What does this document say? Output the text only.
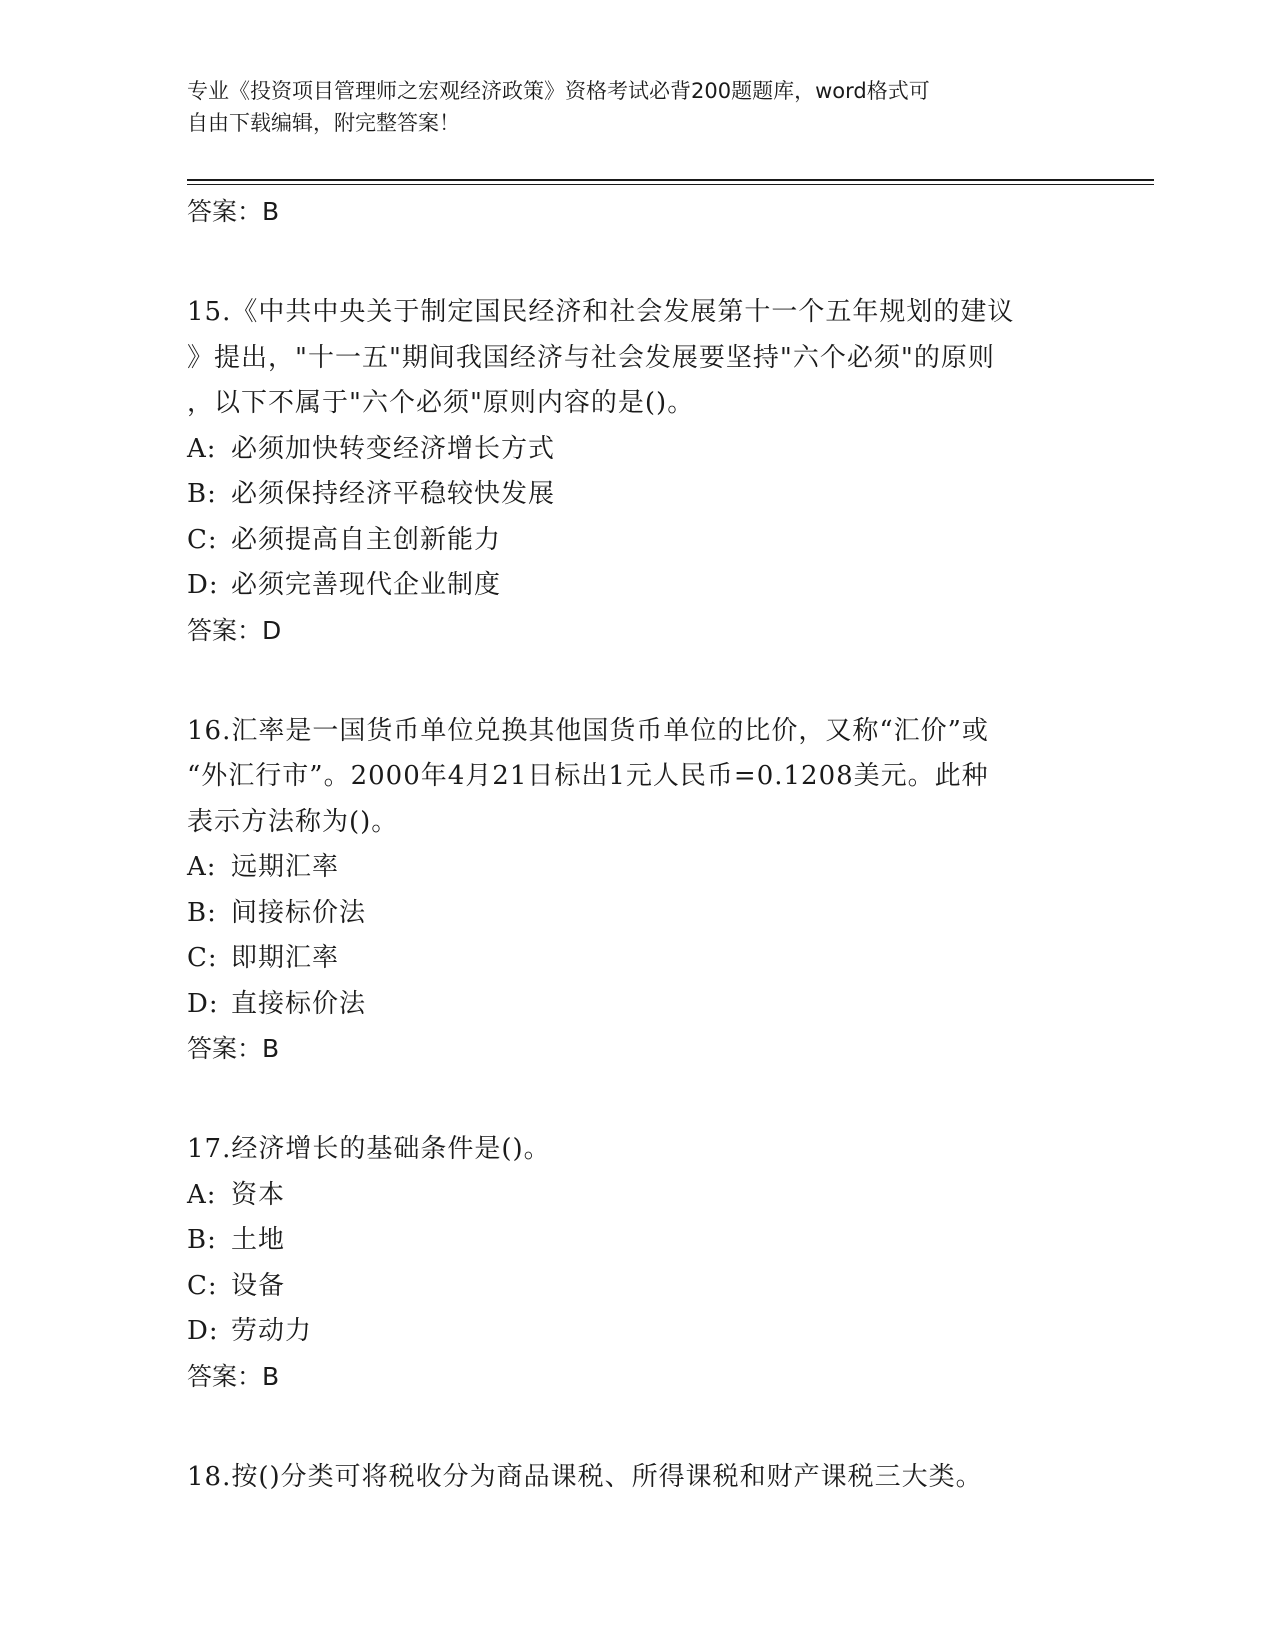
专业《投资项目管理师之宏观经济政策》资格考试必背200题题库，word格式可
自由下载编辑，附完整答案！
答案：B
15.《中共中央关于制定国民经济和社会发展第十一个五年规划的建议
》提出，"十一五"期间我国经济与社会发展要坚持"六个必须"的原则
，以下不属于"六个必须"原则内容的是()。
A: 必须加快转变经济增长方式
B: 必须保持经济平稳较快发展
C: 必须提高自主创新能力
D: 必须完善现代企业制度
答案：D
16.汇率是一国货币单位兑换其他国货币单位的比价，又称“汇价”或
“外汇行市”。2000年4月21日标出1元人民币=0.1208美元。此种
表示方法称为()。
A: 远期汇率
B: 间接标价法
C: 即期汇率
D: 直接标价法
答案：B
17.经济增长的基础条件是()。
A: 资本
B: 土地
C: 设备
D: 劳动力
答案：B
18.按()分类可将税收分为商品课税、所得课税和财产课税三大类。
